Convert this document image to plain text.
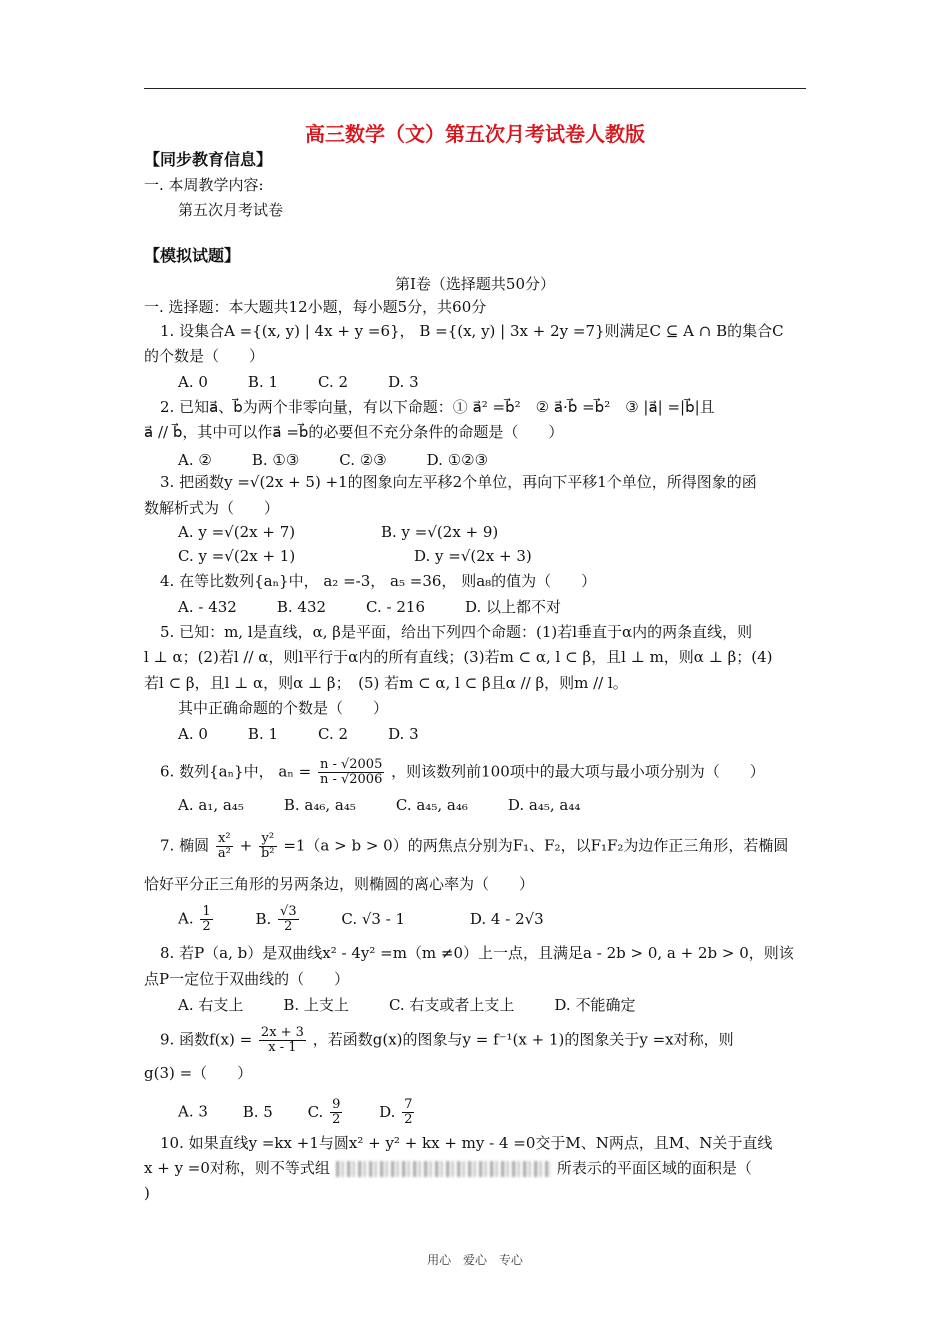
高三数学（文）第五次月考试卷人教版
【同步教育信息】
一. 本周教学内容:
第五次月考试卷
【模拟试题】
第Ⅰ卷（选择题共50分）
一. 选择题：本大题共12小题，每小题5分，共60分
1. 设集合A ={(x, y) | 4x + y =6}， B ={(x, y) | 3x + 2y =7}则满足C ⊆ A ∩ B的集合C
的个数是（　　）
A. 0	B. 1	C. 2	D. 3
2. 已知a⃗、b⃗为两个非零向量，有以下命题：① a⃗² =b⃗²　② a⃗·b⃗ =b⃗²　③ |a⃗| =|b⃗|且
a⃗ // b⃗，其中可以作a⃗ =b⃗的必要但不充分条件的命题是（　　）
A. ②	B. ①③	C. ②③	D. ①②③
3. 把函数y =√(2x + 5) +1的图象向左平移2个单位，再向下平移1个单位，所得图象的函
数解析式为（　　）
A. y =√(2x + 7)	B. y =√(2x + 9)
C. y =√(2x + 1)	D. y =√(2x + 3)
4. 在等比数列{aₙ}中， a₂ =-3， a₅ =36， 则a₈的值为（　　）
A. - 432	B. 432	C. - 216	D. 以上都不对
5. 已知：m, l是直线，α, β是平面，给出下列四个命题：(1)若l垂直于α内的两条直线，则
l ⊥ α；(2)若l // α，则l平行于α内的所有直线；(3)若m ⊂ α, l ⊂ β，且l ⊥ m，则α ⊥ β；(4)
若l ⊂ β，且l ⊥ α，则α ⊥ β；　(5) 若m ⊂ α, l ⊂ β且α // β，则m // l。
其中正确命题的个数是（　　）
A. 0	B. 1	C. 2	D. 3
6. 数列{aₙ}中， $a_n = \frac{n - √2005}{n - √2006}$ ，则该数列前100项中的最大项与最小项分别为（　　）
A. a₁, a₄₅	B. a₄₆, a₄₅	C. a₄₅, a₄₆	D. a₄₅, a₄₄
7. 椭圆 $\frac{\text{x²}}{\text{a²}} + \frac{\text{y²}}{\text{b²}} =1(a > b > 0)$的两焦点分别为F₁、F₂，以F₁F₂为边作正三角形，若椭圆
恰好平分正三角形的另两条边，则椭圆的离心率为（　　）
A. $\frac{1}{2}$	B. $\frac{√3}{2}$	C. √3 - 1	D. 4 - 2√3
8. 若P（a, b）是双曲线x² - 4y² =m（m ≠0）上一点，且满足a - 2b > 0, a + 2b > 0，则该
点P一定位于双曲线的（　　）
A. 右支上	B. 上支上	C. 右支或者上支上	D. 不能确定
9. 函数$f(x) = \frac{2x + 3}{x - 1}$ ，若函数g(x)的图象与y = f⁻¹(x + 1)的图象关于y =x对称，则
g(3) =（　　）
A. 3 B. 5 C. $\frac{9}{2} D$. $\frac{7}{2}$
10. 如果直线y =kx +1与圆x² + y² + kx + my - 4 =0交于M、N两点，且M、N关于直线
x + y =0对称，则不等式组	所表示的平面区域的面积是（
)
用心 爱心 专心
